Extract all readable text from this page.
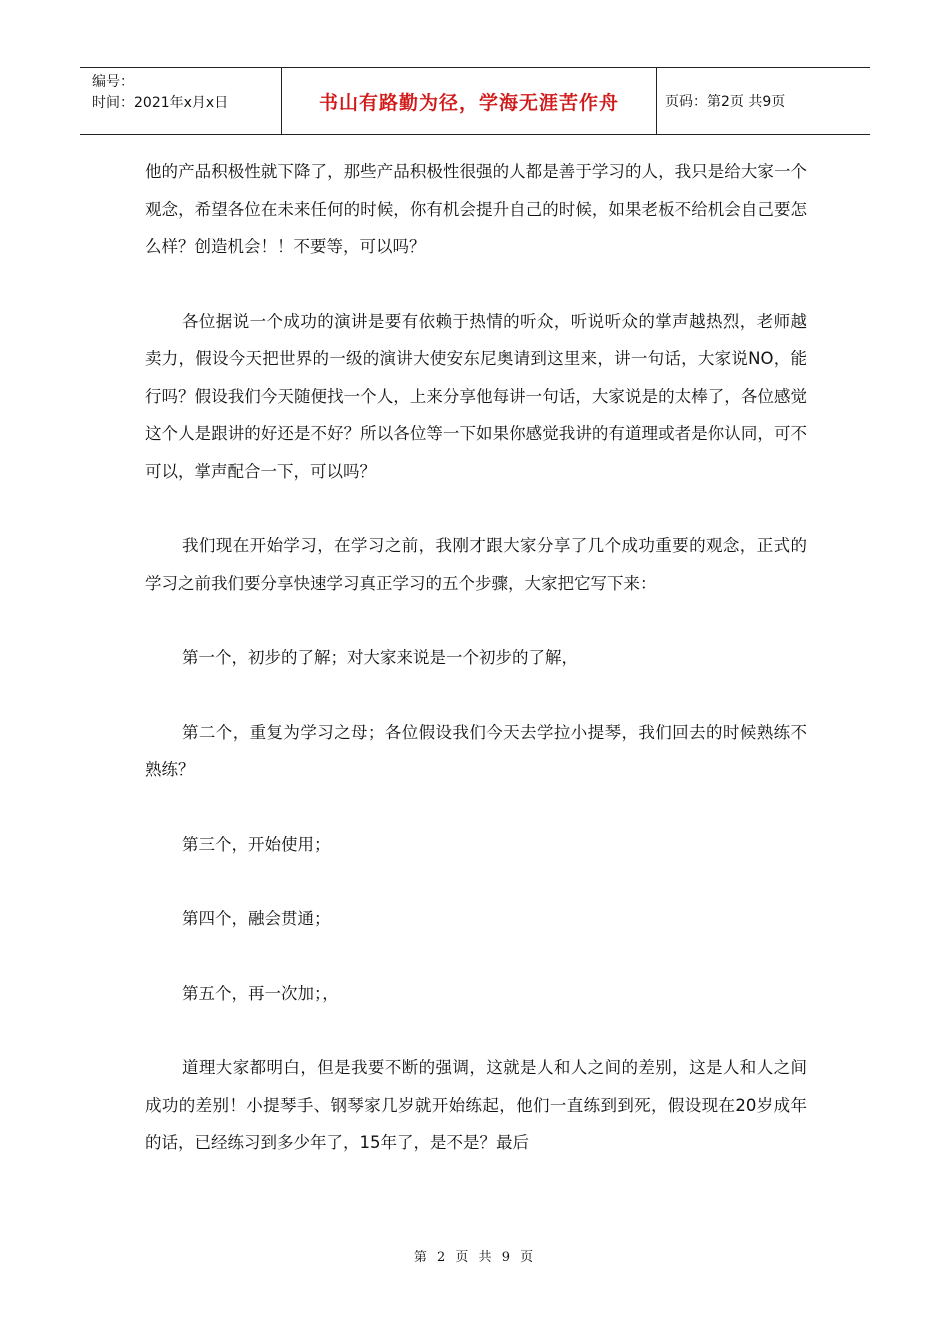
编号：
时间：2021年x月x日	书山有路勤为径，学海无涯苦作舟	页码：第2页 共9页

他的产品积极性就下降了，那些产品积极性很强的人都是善于学习的人，我只是给大家一个观念，希望各位在未来任何的时候，你有机会提升自己的时候，如果老板不给机会自己要怎么样？创造机会！！不要等，可以吗？

各位据说一个成功的演讲是要有依赖于热情的听众，听说听众的掌声越热烈，老师越卖力，假设今天把世界的一级的演讲大使安东尼奥请到这里来，讲一句话，大家说NO，能行吗？假设我们今天随便找一个人，上来分享他每讲一句话，大家说是的太棒了，各位感觉这个人是跟讲的好还是不好？所以各位等一下如果你感觉我讲的有道理或者是你认同，可不可以，掌声配合一下，可以吗？

我们现在开始学习，在学习之前，我刚才跟大家分享了几个成功重要的观念，正式的学习之前我们要分享快速学习真正学习的五个步骤，大家把它写下来：

第一个，初步的了解；对大家来说是一个初步的了解，

第二个，重复为学习之母；各位假设我们今天去学拉小提琴，我们回去的时候熟练不熟练？

第三个，开始使用；

第四个，融会贯通；

第五个，再一次加；，

道理大家都明白，但是我要不断的强调，这就是人和人之间的差别，这是人和人之间成功的差别！小提琴手、钢琴家几岁就开始练起，他们一直练到到死，假设现在20岁成年的话，已经练习到多少年了，15年了，是不是？最后

第 2 页 共 9 页
